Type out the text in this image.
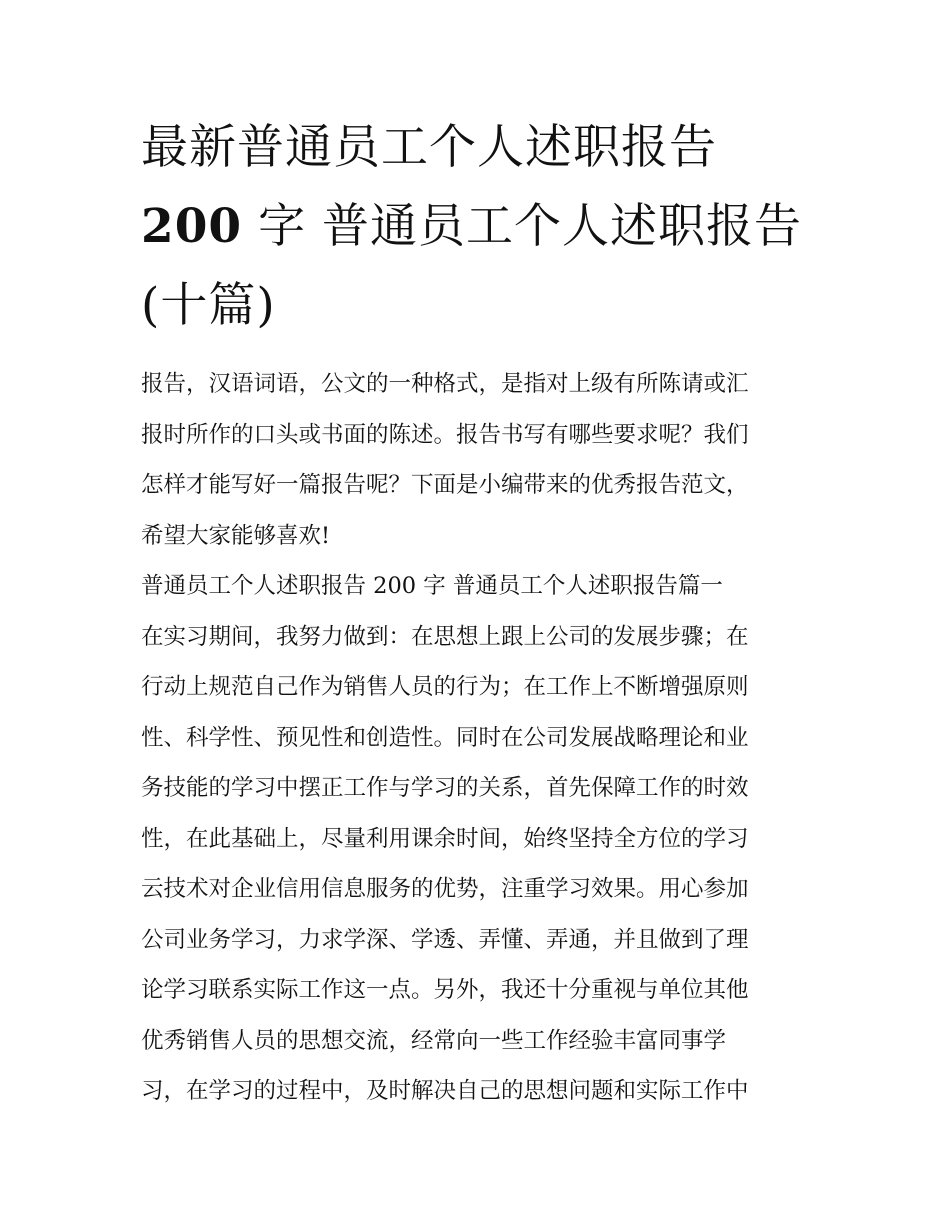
最新普通员工个人述职报告
200 字 普通员工个人述职报告
(十篇)
报告，汉语词语，公文的一种格式，是指对上级有所陈请或汇
报时所作的口头或书面的陈述。报告书写有哪些要求呢？我们
怎样才能写好一篇报告呢？下面是小编带来的优秀报告范文，
希望大家能够喜欢!
普通员工个人述职报告 200 字 普通员工个人述职报告篇一
在实习期间，我努力做到：在思想上跟上公司的发展步骤；在
行动上规范自己作为销售人员的行为；在工作上不断增强原则
性、科学性、预见性和创造性。同时在公司发展战略理论和业
务技能的学习中摆正工作与学习的关系，首先保障工作的时效
性，在此基础上，尽量利用课余时间，始终坚持全方位的学习
云技术对企业信用信息服务的优势，注重学习效果。用心参加
公司业务学习，力求学深、学透、弄懂、弄通，并且做到了理
论学习联系实际工作这一点。另外，我还十分重视与单位其他
优秀销售人员的思想交流，经常向一些工作经验丰富同事学
习，在学习的过程中，及时解决自己的思想问题和实际工作中
